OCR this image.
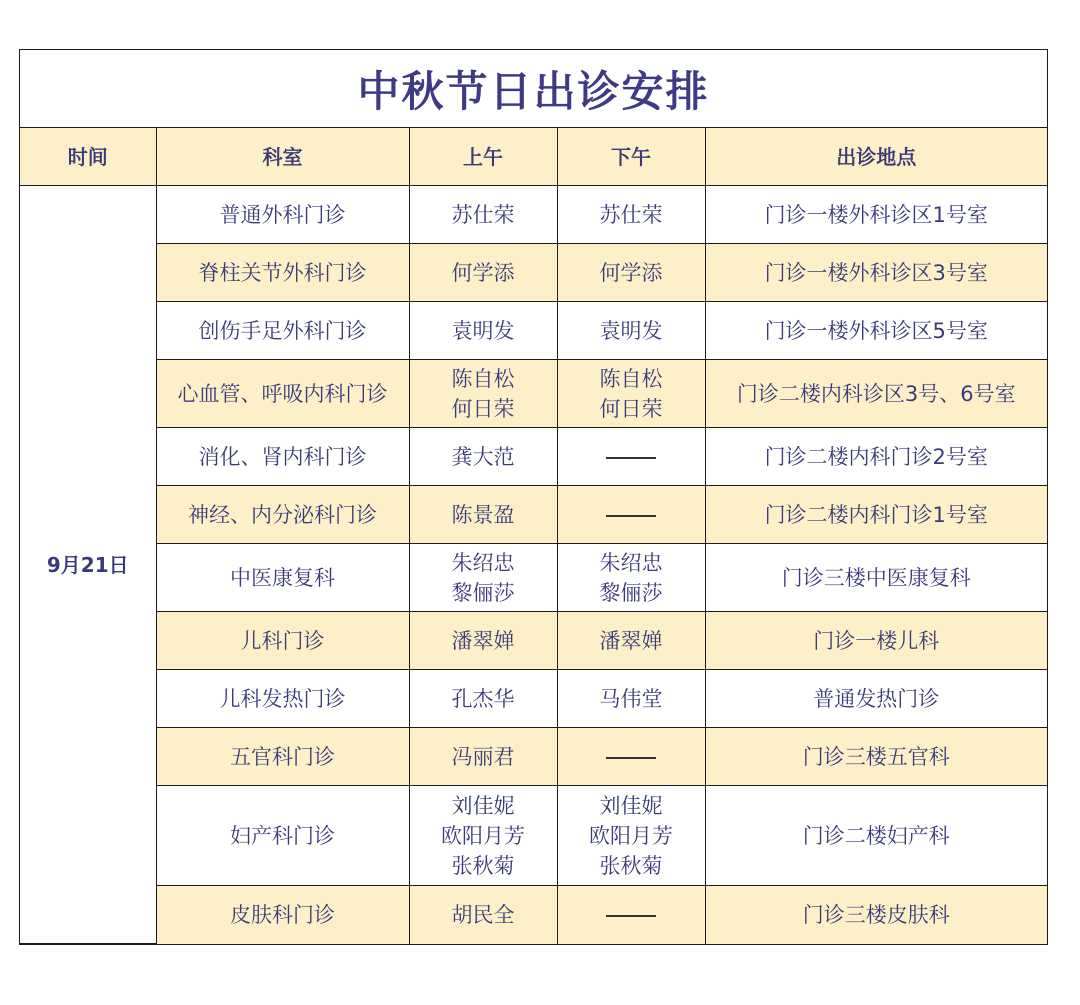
中秋节日出诊安排
时间	科室	上午	下午	出诊地点
9月21日	普通外科门诊	苏仕荣	苏仕荣	门诊一楼外科诊区1号室
	脊柱关节外科门诊	何学添	何学添	门诊一楼外科诊区3号室
	创伤手足外科门诊	袁明发	袁明发	门诊一楼外科诊区5号室
	心血管、呼吸内科门诊	陈自松
何日荣	陈自松
何日荣	门诊二楼内科诊区3号、6号室
	消化、肾内科门诊	龚大范		门诊二楼内科门诊2号室
	神经、内分泌科门诊	陈景盈		门诊二楼内科门诊1号室
	中医康复科	朱绍忠
黎俪莎	朱绍忠
黎俪莎	门诊三楼中医康复科
	儿科门诊	潘翠婵	潘翠婵	门诊一楼儿科
	儿科发热门诊	孔杰华	马伟堂	普通发热门诊
	五官科门诊	冯丽君		门诊三楼五官科
	妇产科门诊	刘佳妮
欧阳月芳
张秋菊	刘佳妮
欧阳月芳
张秋菊	门诊二楼妇产科
	皮肤科门诊	胡民全		门诊三楼皮肤科
